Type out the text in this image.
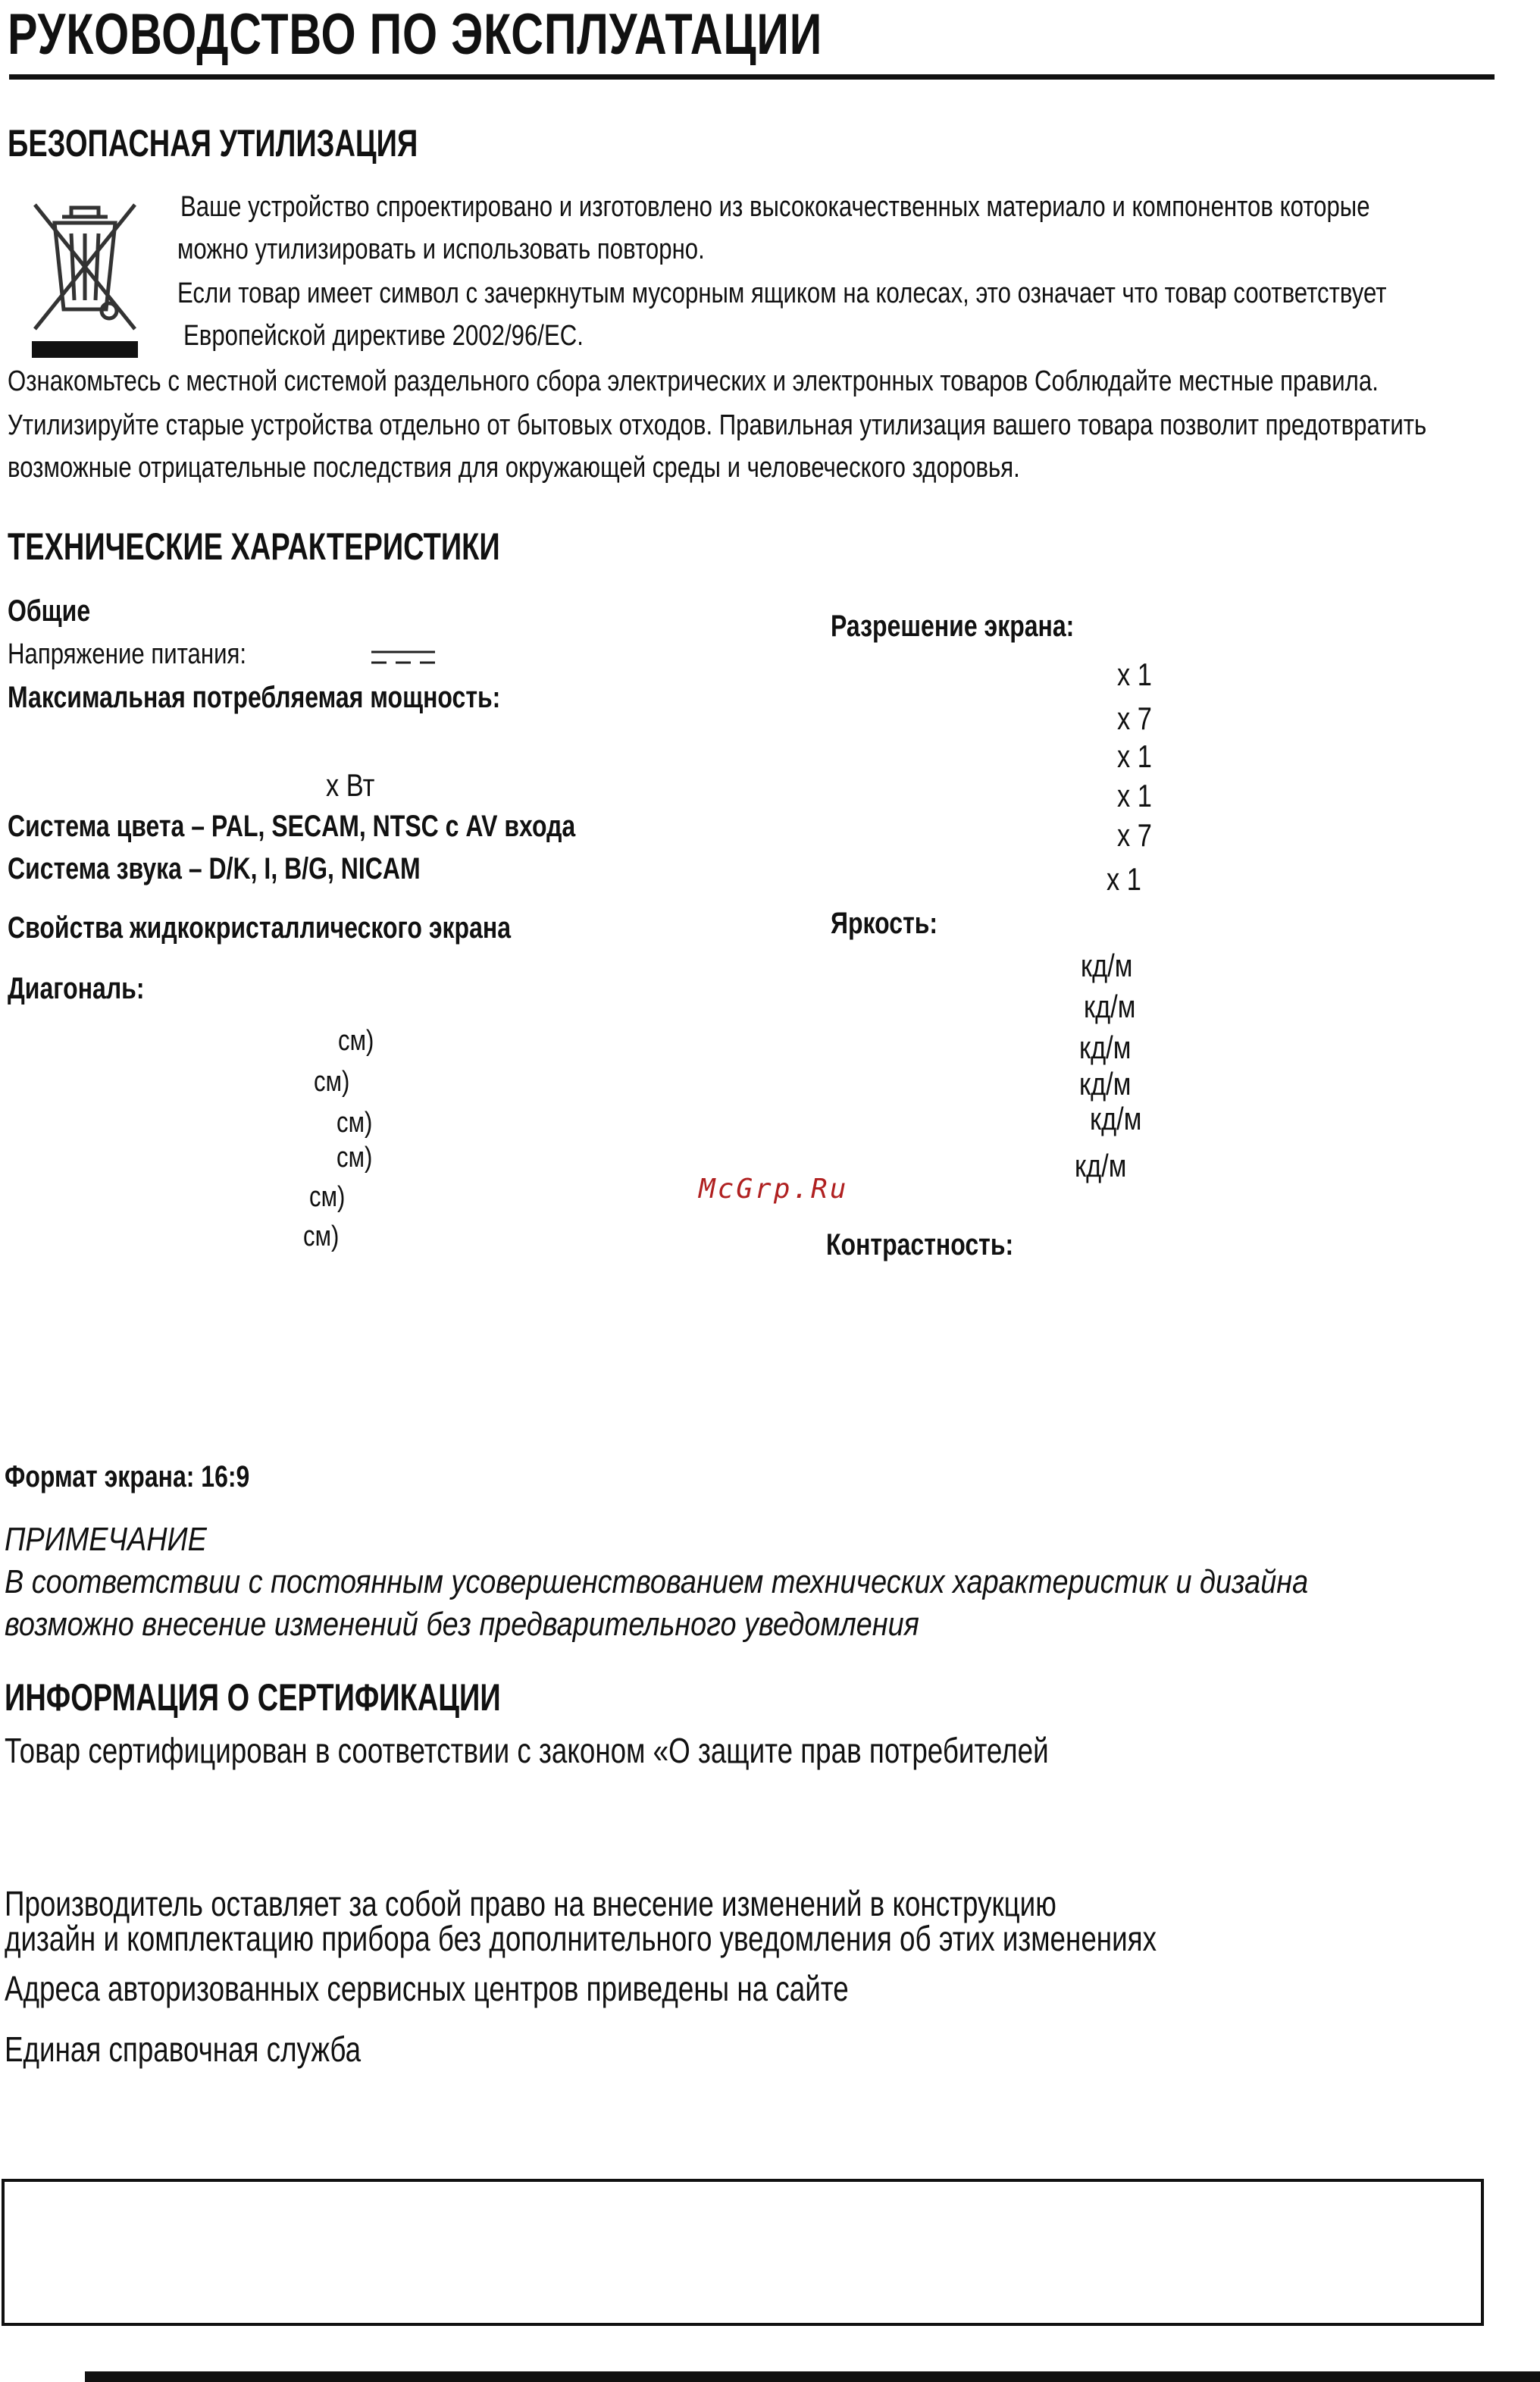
РУКОВОДСТВО ПО ЭКСПЛУАТАЦИИ
БЕЗОПАСНАЯ УТИЛИЗАЦИЯ
Ваше устройство спроектировано и изготовлено из высококачественных материало и компонентов которые
можно утилизировать и использовать повторно.
Если товар имеет символ с зачеркнутым мусорным ящиком на колесах, это означает что товар соответствует
Европейской директиве 2002/96/EC.
Ознакомьтесь с местной системой раздельного сбора электрических и электронных товаров Соблюдайте местные правила.
Утилизируйте старые устройства отдельно от бытовых отходов. Правильная утилизация вашего товара позволит предотвратить
возможные отрицательные последствия для окружающей среды и человеческого здоровья.
ТЕХНИЧЕСКИЕ ХАРАКТЕРИСТИКИ
Общие
Напряжение питания:
Максимальная потребляемая мощность:
x Вт
Система цвета – PAL, SECAM, NTSC с AV входа
Система звука – D/K, I, B/G, NICAM
Свойства жидкокристаллического экрана
Диагональ:
см)
см)
см)
см)
см)
см)
Разрешение экрана:
x 1
x 7
x 1
x 1
x 7
x 1
Яркость:
кд/м
кд/м
кд/м
кд/м
кд/м
кд/м
Контрастность:
McGrp.Ru
Формат экрана: 16:9
ПРИМЕЧАНИЕ
В соответствии с постоянным усовершенствованием технических характеристик и дизайна
возможно внесение изменений без предварительного уведомления
ИНФОРМАЦИЯ О СЕРТИФИКАЦИИ
Товар сертифицирован в соответствии с законом «О защите прав потребителей
Производитель оставляет за собой право на внесение изменений в конструкцию
дизайн и комплектацию прибора без дополнительного уведомления об этих изменениях
Адреса авторизованных сервисных центров приведены на сайте
Единая справочная служба
